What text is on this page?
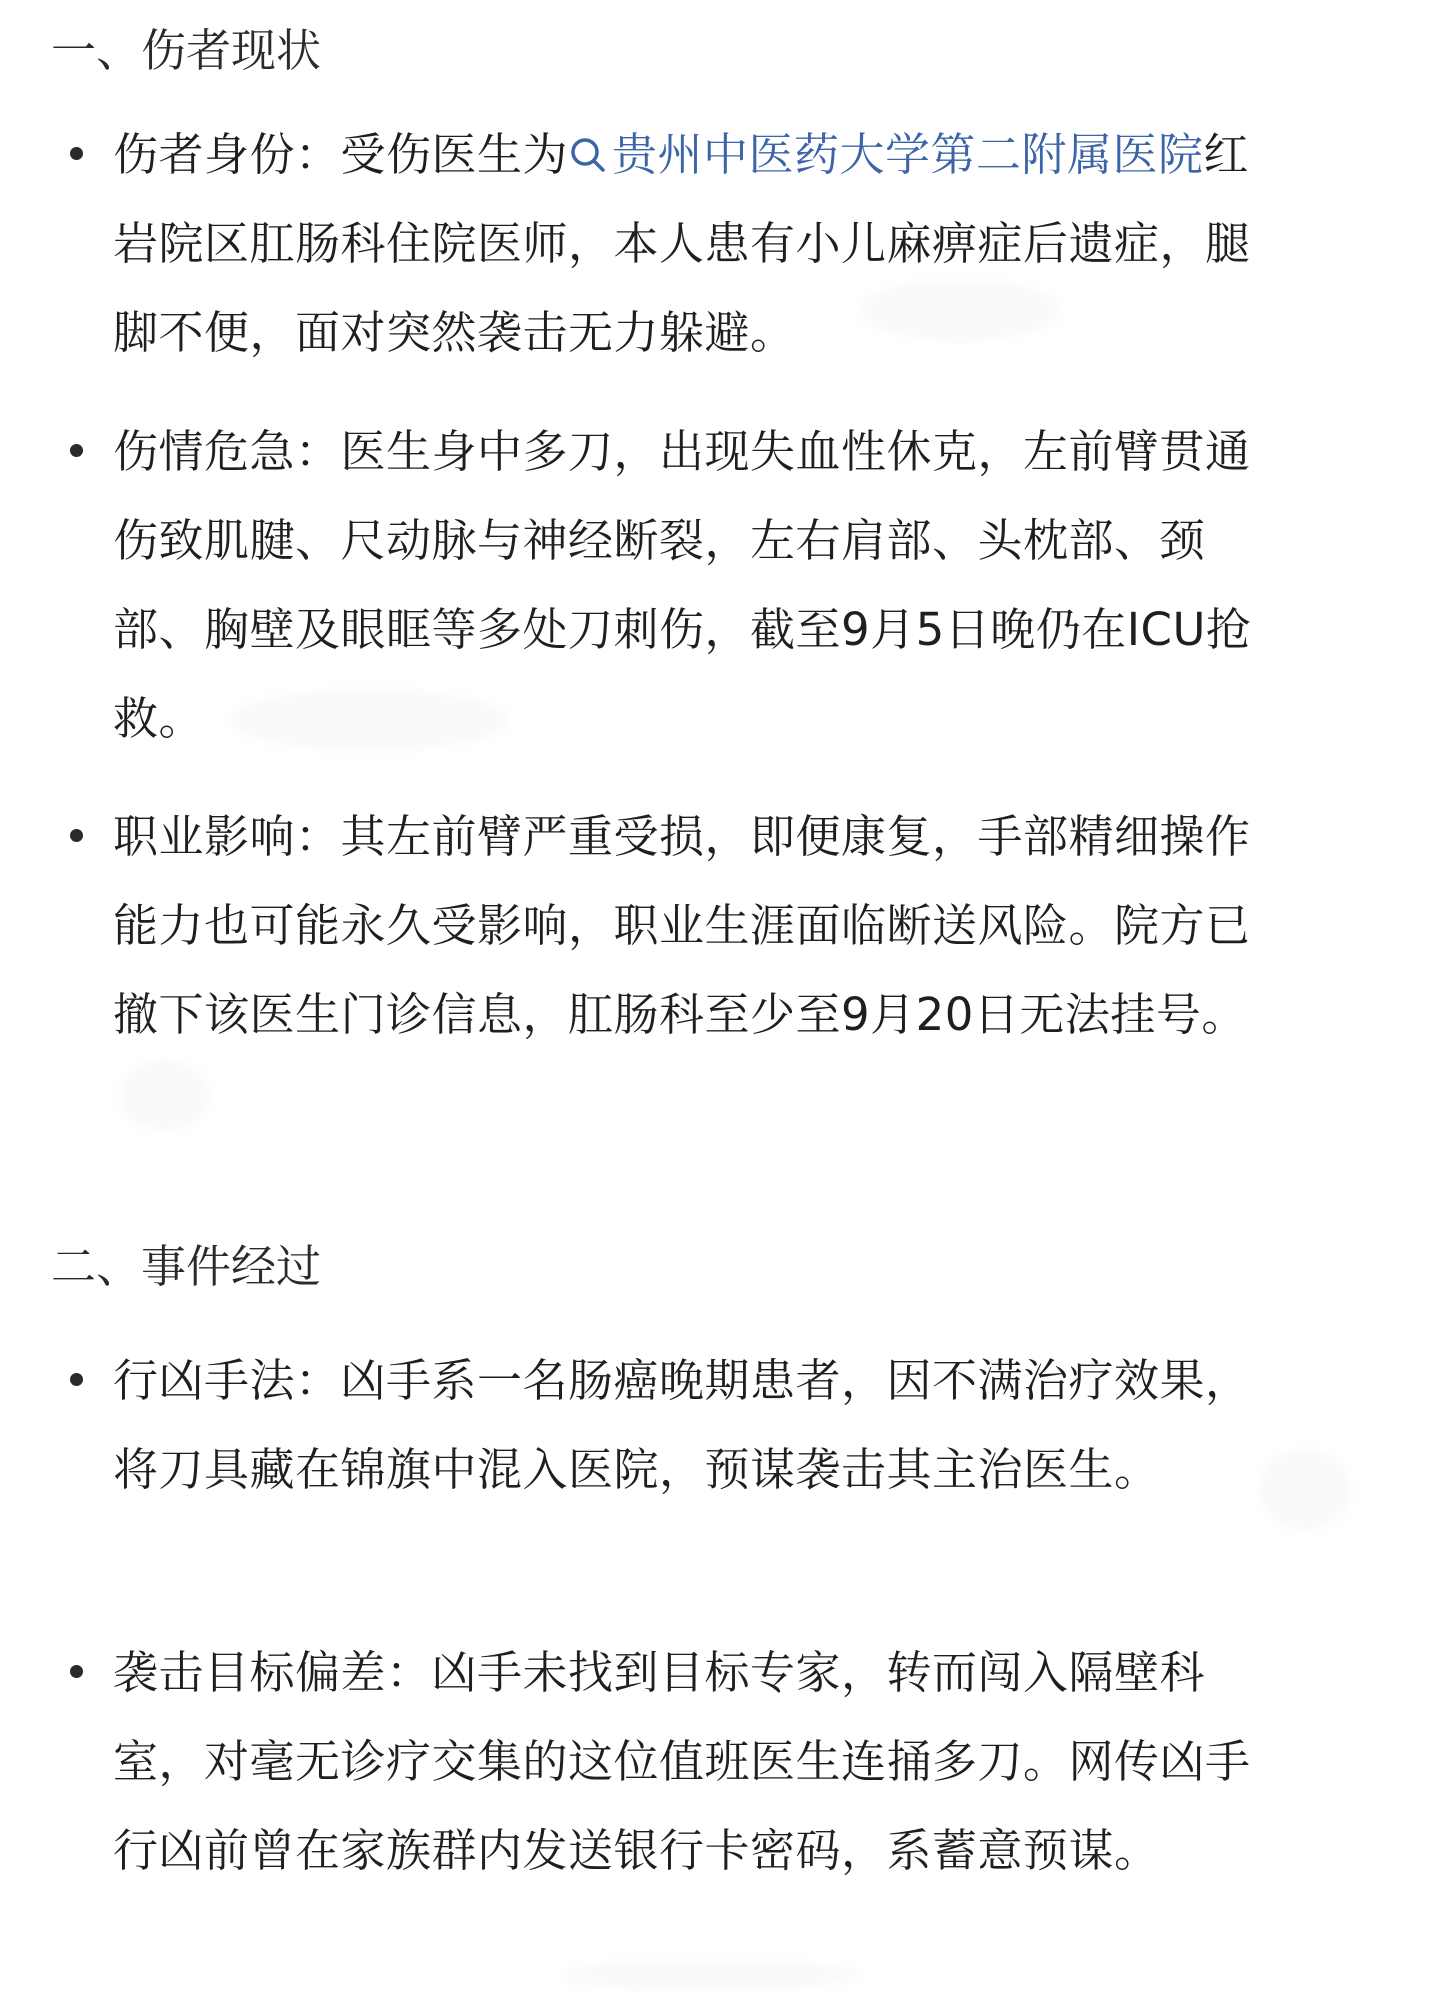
一、伤者现状
伤者身份：受伤医生为 贵州中医药大学第二附属医院红
岩院区肛肠科住院医师，本人患有小儿麻痹症后遗症，腿
脚不便，面对突然袭击无力躲避。
伤情危急：医生身中多刀，出现失血性休克，左前臂贯通
伤致肌腱、尺动脉与神经断裂，左右肩部、头枕部、颈
部、胸壁及眼眶等多处刀刺伤，截至9月5日晚仍在ICU抢
救。
职业影响：其左前臂严重受损，即便康复，手部精细操作
能力也可能永久受影响，职业生涯面临断送风险。院方已
撤下该医生门诊信息，肛肠科至少至9月20日无法挂号。
二、事件经过
行凶手法：凶手系一名肠癌晚期患者，因不满治疗效果，
将刀具藏在锦旗中混入医院，预谋袭击其主治医生。
袭击目标偏差：凶手未找到目标专家，转而闯入隔壁科
室，对毫无诊疗交集的这位值班医生连捅多刀。网传凶手
行凶前曾在家族群内发送银行卡密码，系蓄意预谋。
